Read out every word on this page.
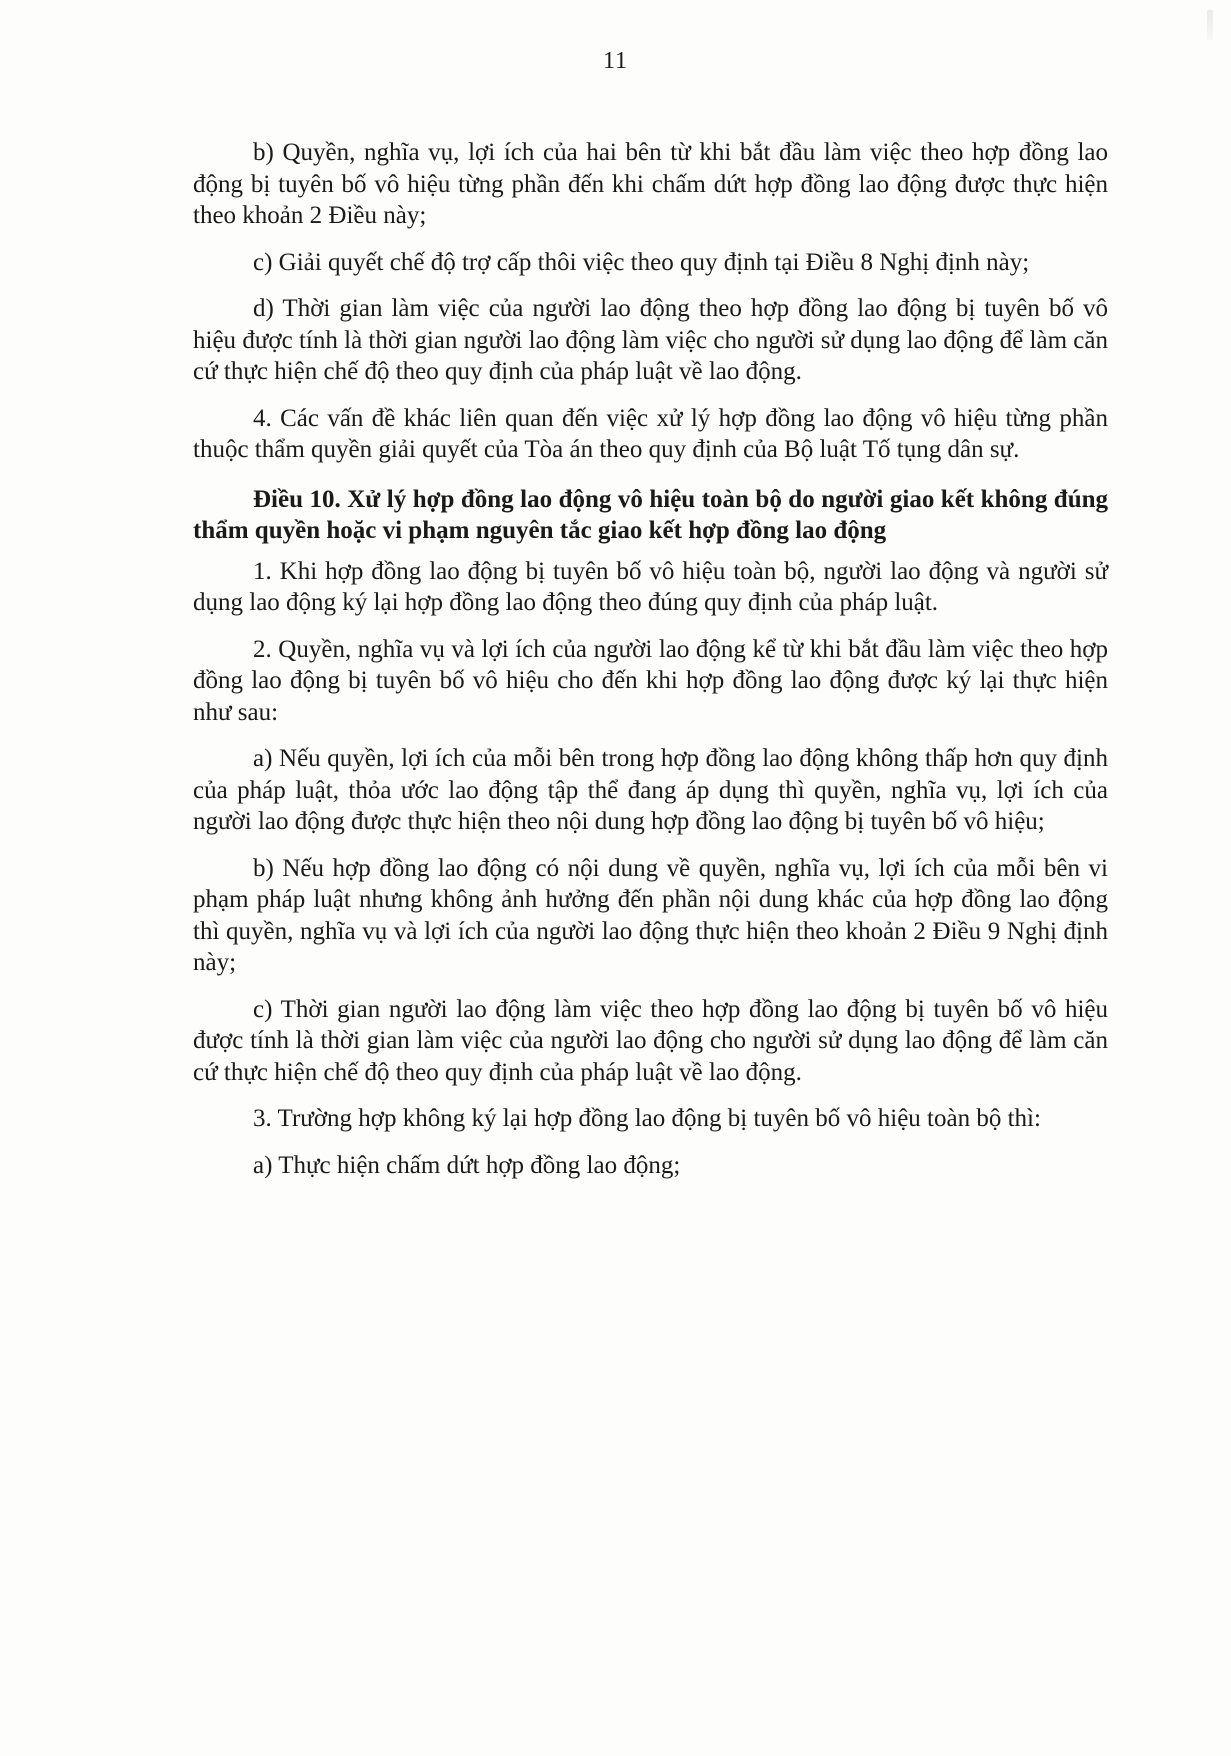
11

b) Quyền, nghĩa vụ, lợi ích của hai bên từ khi bắt đầu làm việc theo hợp đồng lao động bị tuyên bố vô hiệu từng phần đến khi chấm dứt hợp đồng lao động được thực hiện theo khoản 2 Điều này;

c) Giải quyết chế độ trợ cấp thôi việc theo quy định tại Điều 8 Nghị định này;

d) Thời gian làm việc của người lao động theo hợp đồng lao động bị tuyên bố vô hiệu được tính là thời gian người lao động làm việc cho người sử dụng lao động để làm căn cứ thực hiện chế độ theo quy định của pháp luật về lao động.

4. Các vấn đề khác liên quan đến việc xử lý hợp đồng lao động vô hiệu từng phần thuộc thẩm quyền giải quyết của Tòa án theo quy định của Bộ luật Tố tụng dân sự.

Điều 10. Xử lý hợp đồng lao động vô hiệu toàn bộ do người giao kết không đúng thẩm quyền hoặc vi phạm nguyên tắc giao kết hợp đồng lao động

1. Khi hợp đồng lao động bị tuyên bố vô hiệu toàn bộ, người lao động và người sử dụng lao động ký lại hợp đồng lao động theo đúng quy định của pháp luật.

2. Quyền, nghĩa vụ và lợi ích của người lao động kể từ khi bắt đầu làm việc theo hợp đồng lao động bị tuyên bố vô hiệu cho đến khi hợp đồng lao động được ký lại thực hiện như sau:

a) Nếu quyền, lợi ích của mỗi bên trong hợp đồng lao động không thấp hơn quy định của pháp luật, thỏa ước lao động tập thể đang áp dụng thì quyền, nghĩa vụ, lợi ích của người lao động được thực hiện theo nội dung hợp đồng lao động bị tuyên bố vô hiệu;

b) Nếu hợp đồng lao động có nội dung về quyền, nghĩa vụ, lợi ích của mỗi bên vi phạm pháp luật nhưng không ảnh hưởng đến phần nội dung khác của hợp đồng lao động thì quyền, nghĩa vụ và lợi ích của người lao động thực hiện theo khoản 2 Điều 9 Nghị định này;

c) Thời gian người lao động làm việc theo hợp đồng lao động bị tuyên bố vô hiệu được tính là thời gian làm việc của người lao động cho người sử dụng lao động để làm căn cứ thực hiện chế độ theo quy định của pháp luật về lao động.

3. Trường hợp không ký lại hợp đồng lao động bị tuyên bố vô hiệu toàn bộ thì:

a) Thực hiện chấm dứt hợp đồng lao động;
